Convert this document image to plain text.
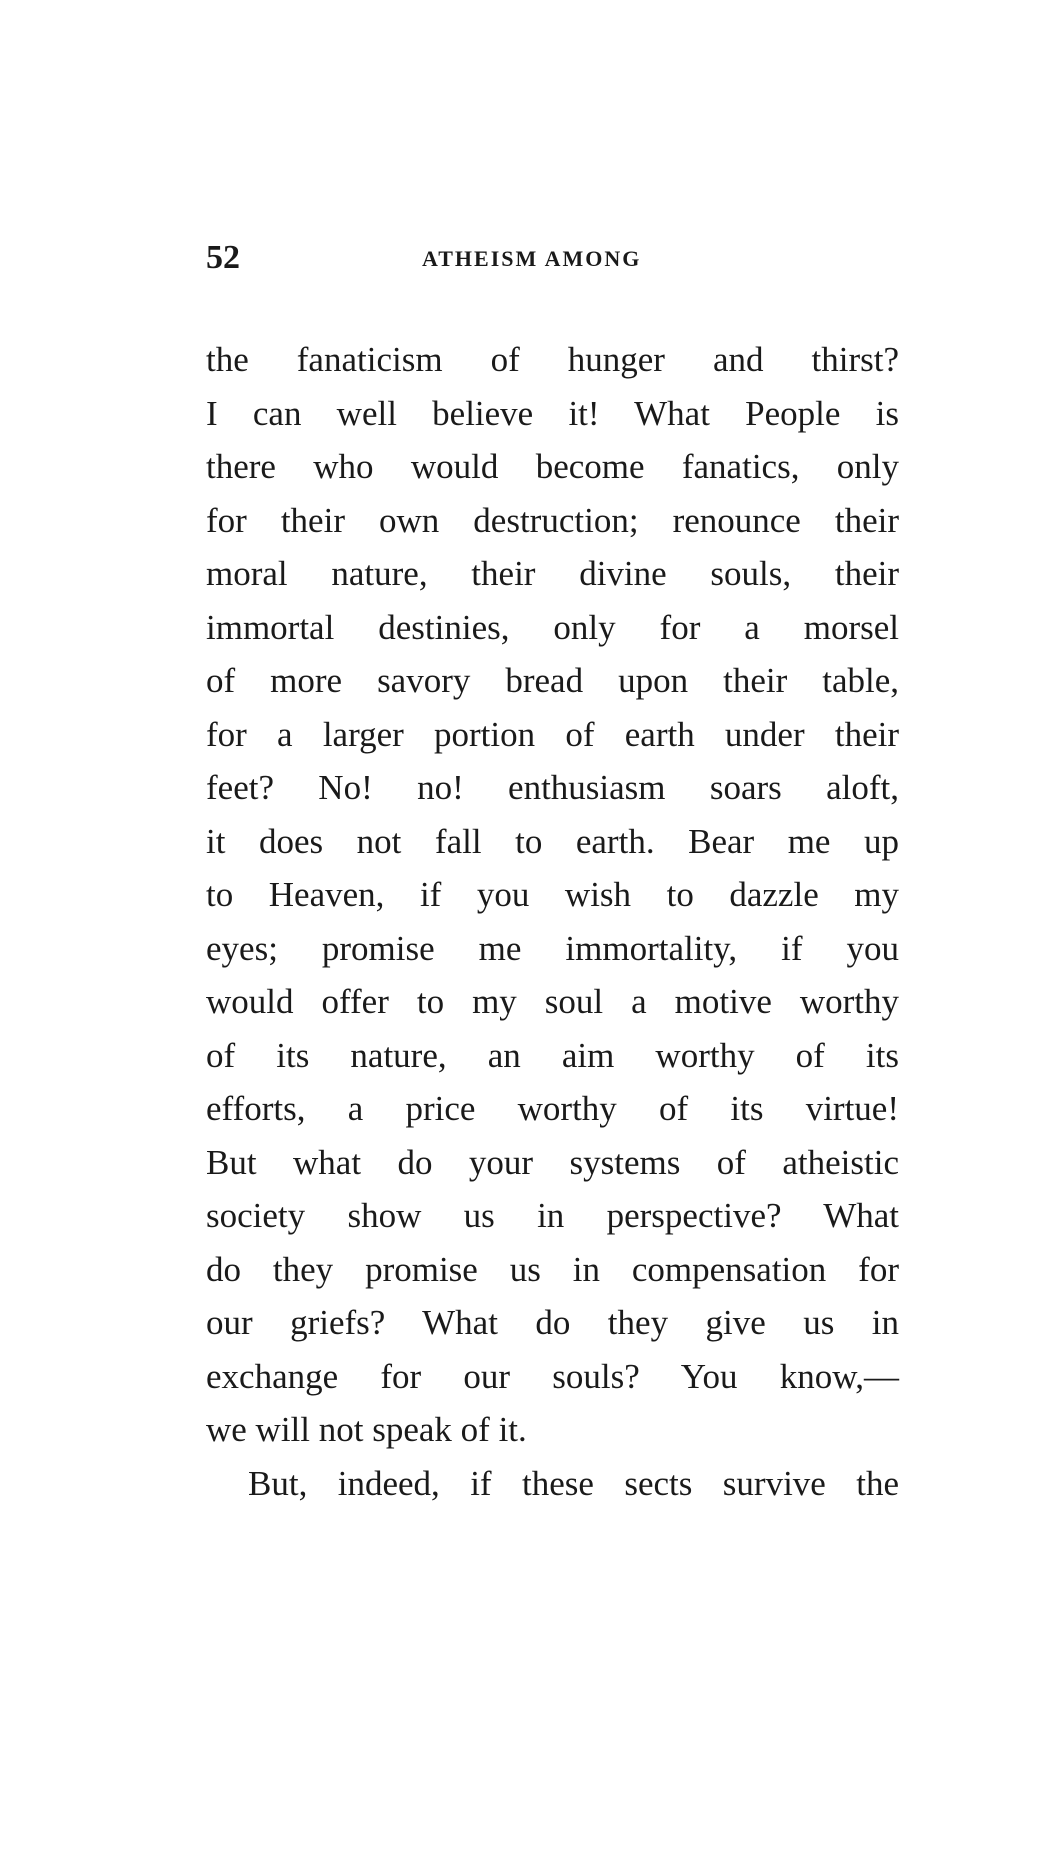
52	ATHEISM AMONG
the fanaticism of hunger and thirst?
I can well believe it! What People is
there who would become fanatics, only
for their own destruction; renounce their
moral nature, their divine souls, their
immortal destinies, only for a morsel
of more savory bread upon their table,
for a larger portion of earth under their
feet? No! no! enthusiasm soars aloft,
it does not fall to earth. Bear me up
to Heaven, if you wish to dazzle my
eyes; promise me immortality, if you
would offer to my soul a motive worthy
of its nature, an aim worthy of its
efforts, a price worthy of its virtue!
But what do your systems of atheistic
society show us in perspective? What
do they promise us in compensation for
our griefs? What do they give us in
exchange for our souls? You know,—
we will not speak of it.
But, indeed, if these sects survive the
